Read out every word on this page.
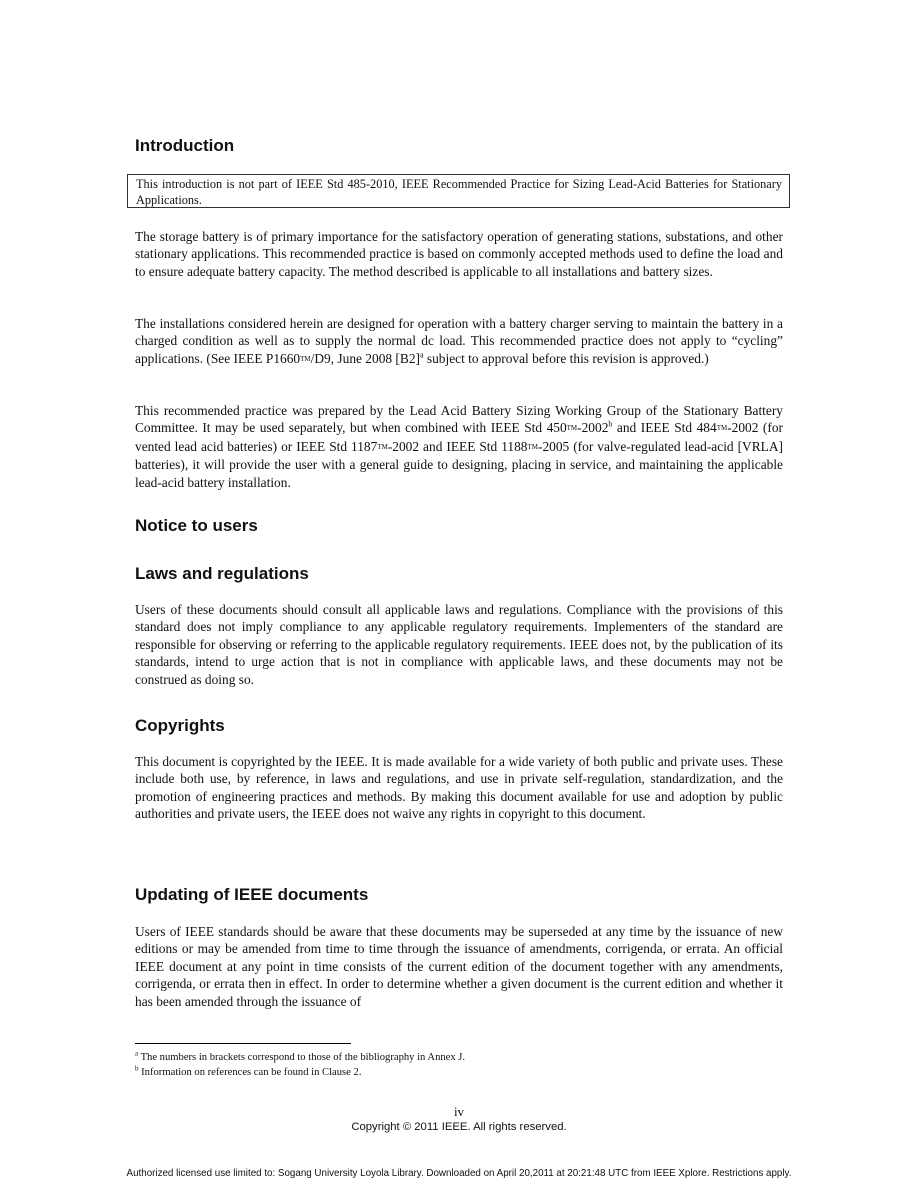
Introduction

This introduction is not part of IEEE Std 485-2010, IEEE Recommended Practice for Sizing Lead-Acid Batteries for Stationary Applications.

The storage battery is of primary importance for the satisfactory operation of generating stations, substations, and other stationary applications. This recommended practice is based on commonly accepted methods used to define the load and to ensure adequate battery capacity. The method described is applicable to all installations and battery sizes.

The installations considered herein are designed for operation with a battery charger serving to maintain the battery in a charged condition as well as to supply the normal dc load. This recommended practice does not apply to “cycling” applications. (See IEEE P1660TM/D9, June 2008 $[B2]^a$ subject to approval before this revision is approved.)

This recommended practice was prepared by the Lead Acid Battery Sizing Working Group of the Stationary Battery Committee. It may be used separately, but when combined with IEEE Std 450TM-2002$^b$ and IEEE Std 484TM-2002 (for vented lead acid batteries) or IEEE Std 1187TM-2002 and IEEE Std 1188TM-2005 (for valve-regulated lead-acid [VRLA] batteries), it will provide the user with a general guide to designing, placing in service, and maintaining the applicable lead-acid battery installation.

Notice to users
Laws and regulations

Users of these documents should consult all applicable laws and regulations. Compliance with the provisions of this standard does not imply compliance to any applicable regulatory requirements. Implementers of the standard are responsible for observing or referring to the applicable regulatory requirements. IEEE does not, by the publication of its standards, intend to urge action that is not in compliance with applicable laws, and these documents may not be construed as doing so.

Copyrights

This document is copyrighted by the IEEE. It is made available for a wide variety of both public and private uses. These include both use, by reference, in laws and regulations, and use in private self-regulation, standardization, and the promotion of engineering practices and methods. By making this document available for use and adoption by public authorities and private users, the IEEE does not waive any rights in copyright to this document.

Updating of IEEE documents

Users of IEEE standards should be aware that these documents may be superseded at any time by the issuance of new editions or may be amended from time to time through the issuance of amendments, corrigenda, or errata. An official IEEE document at any point in time consists of the current edition of the document together with any amendments, corrigenda, or errata then in effect. In order to determine whether a given document is the current edition and whether it has been amended through the issuance of

$^a$ The numbers in brackets correspond to those of the bibliography in Annex J.

$^b$ Information on references can be found in Clause 2.

iv
Copyright © 2011 IEEE. All rights reserved.
Authorized licensed use limited to: Sogang University Loyola Library. Downloaded on April 20,2011 at 20:21:48 UTC from IEEE Xplore. Restrictions apply.
